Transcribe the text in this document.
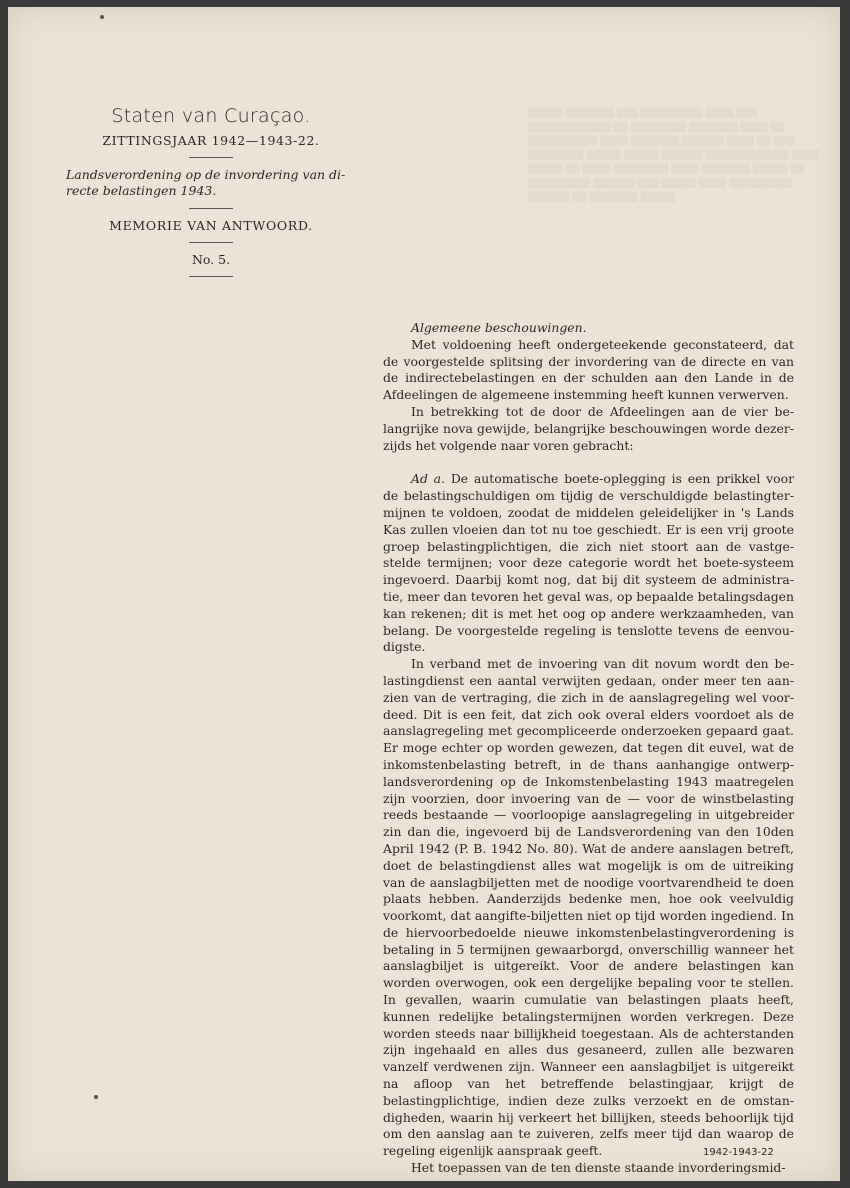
▒▒▒▒▒ ▒▒▒▒▒▒▒ ▒▒▒ ▒▒▒▒▒▒▒▒▒ ▒▒▒▒ ▒▒▒ ▒▒▒▒▒▒▒▒▒▒▒▒ ▒▒ ▒▒▒▒▒▒▒▒ ▒▒▒▒▒▒▒ ▒▒▒▒ ▒▒ ▒▒▒▒▒▒▒▒▒▒ ▒▒▒▒ ▒▒▒▒▒▒▒ ▒▒▒▒▒▒ ▒▒▒▒ ▒▒ ▒▒▒ ▒▒▒▒▒▒▒▒ ▒▒▒▒▒ ▒▒▒▒▒ ▒▒▒▒▒▒ ▒▒▒▒▒▒▒▒▒▒▒▒ ▒▒▒▒ ▒▒▒▒▒ ▒▒ ▒▒▒▒ ▒▒▒▒▒▒▒▒ ▒▒▒▒ ▒▒▒▒▒▒▒ ▒▒▒▒▒ ▒▒ ▒▒▒▒▒▒▒▒▒ ▒▒▒▒▒▒ ▒▒▒ ▒▒▒▒▒ ▒▒▒▒ ▒▒▒▒▒▒▒▒▒ ▒▒▒▒▒▒ ▒▒ ▒▒▒▒▒▒▒ ▒▒▒▒▒

Staten van Curaçao.

ZITTINGSJAAR 1942—1943-22.

Landsverordening op de invordering van di-
recte belastingen 1943.

MEMORIE VAN ANTWOORD.

No. 5.

Algemeene beschouwingen.

Met voldoening heeft ondergeteekende geconstateerd, dat de voorgestelde splitsing der invordering van de directe en van de indirectebelastingen en der schulden aan den Lande in de Afdeelingen de algemeene instemming heeft kunnen verwerven.

In betrekking tot de door de Afdeelingen aan de vier belangrijke nova gewijde, belangrijke beschouwingen worde dezerzijds het volgende naar voren gebracht:

Ad a. De automatische boete-oplegging is een prikkel voor de belastingschuldigen om tijdig de verschuldigde belastingtermijnen te voldoen, zoodat de middelen geleidelijker in 's Lands Kas zullen vloeien dan tot nu toe geschiedt. Er is een vrij groote groep belastingplichtigen, die zich niet stoort aan de vastgestelde termijnen; voor deze categorie wordt het boete-systeem ingevoerd. Daarbij komt nog, dat bij dit systeem de administratie, meer dan tevoren het geval was, op bepaalde betalingsdagen kan rekenen; dit is met het oog op andere werkzaamheden, van belang. De voorgestelde regeling is tenslotte tevens de eenvoudigste.

In verband met de invoering van dit novum wordt den belastingdienst een aantal verwijten gedaan, onder meer ten aanzien van de vertraging, die zich in de aanslagregeling wel voordeed. Dit is een feit, dat zich ook overal elders voordoet als de aanslagregeling met gecompliceerde onderzoeken gepaard gaat. Er moge echter op worden gewezen, dat tegen dit euvel, wat de inkomstenbelasting betreft, in de thans aanhangige ontwerplandsverordening op de Inkomstenbelasting 1943 maatregelen zijn voorzien, door invoering van de — voor de winstbelasting reeds bestaande — voorloopige aanslagregeling in uitgebreider zin dan die, ingevoerd bij de Landsverordening van den 10den April 1942 (P. B. 1942 No. 80). Wat de andere aanslagen betreft, doet de belastingdienst alles wat mogelijk is om de uitreiking van de aanslagbiljetten met de noodige voortvarendheid te doen plaats hebben. Aanderzijds bedenke men, hoe ook veelvuldig voorkomt, dat aangifte-biljetten niet op tijd worden ingediend. In de hiervoorbedoelde nieuwe inkomstenbelastingverordening is betaling in 5 termijnen gewaarborgd, onverschillig wanneer het aanslagbiljet is uitgereikt. Voor de andere belastingen kan worden overwogen, ook een dergelijke bepaling voor te stellen. In gevallen, waarin cumulatie van belastingen plaats heeft, kunnen redelijke betalingstermijnen worden verkregen. Deze worden steeds naar billijkheid toegestaan. Als de achterstanden zijn ingehaald en alles dus gesaneerd, zullen alle bezwaren vanzelf verdwenen zijn. Wanneer een aanslagbiljet is uitgereikt na afloop van het betreffende belastingjaar, krijgt de belastingplichtige, indien deze zulks verzoekt en de omstandigheden, waarin hij verkeert het billijken, steeds behoorlijk tijd om den aanslag aan te zuiveren, zelfs meer tijd dan waarop de regeling eigenlijk aanspraak geeft.

Het toepassen van de ten dienste staande invorderingsmid-

1942-1943-22
